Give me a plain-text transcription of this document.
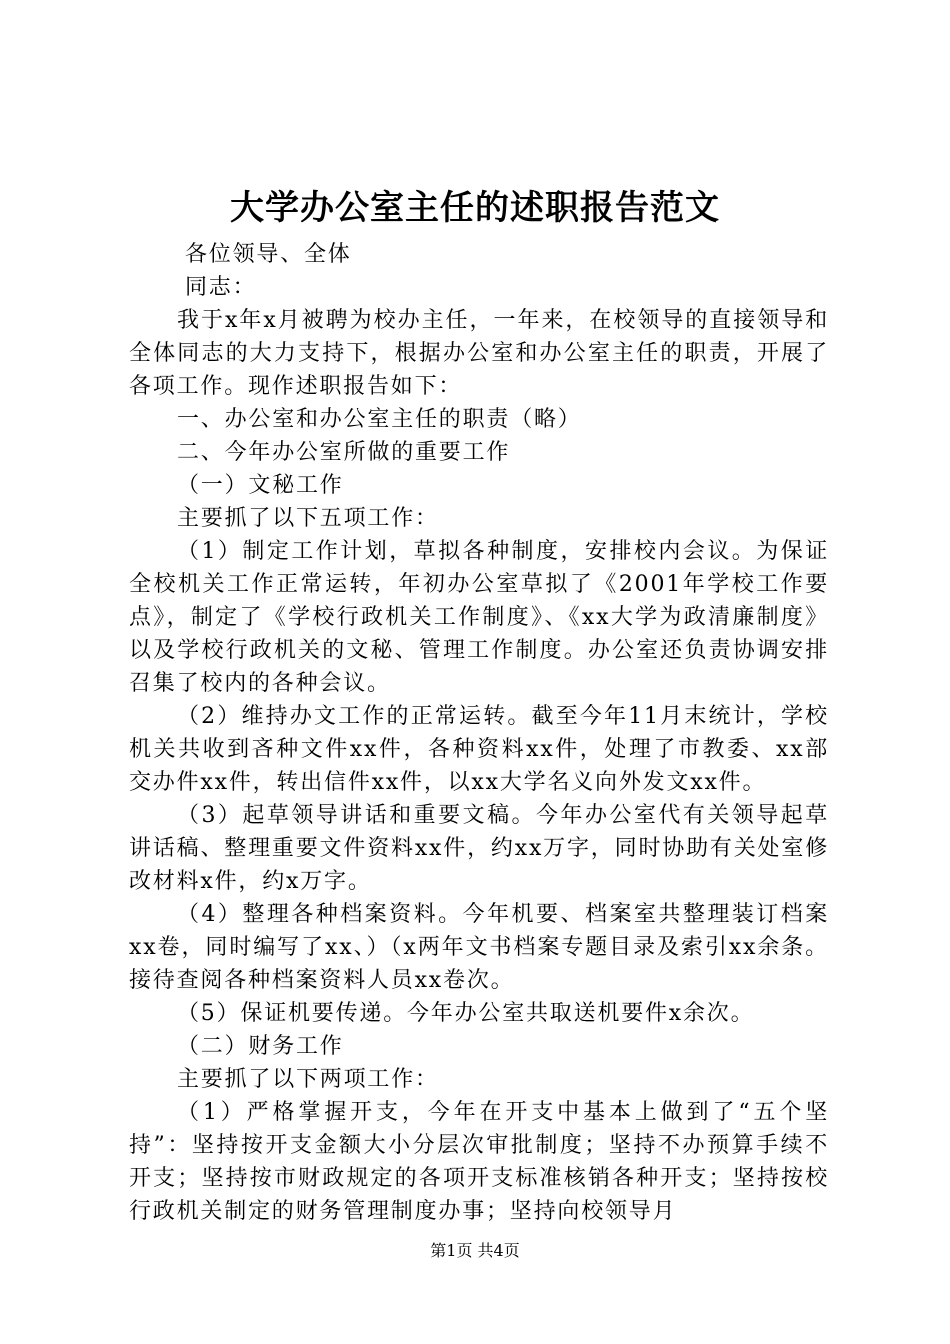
大学办公室主任的述职报告范文

各位领导、全体

同志：

我于x年x月被聘为校办主任，一年来，在校领导的直接领导和全体同志的大力支持下，根据办公室和办公室主任的职责，开展了各项工作。现作述职报告如下：

一、办公室和办公室主任的职责（略）

二、今年办公室所做的重要工作

（一）文秘工作

主要抓了以下五项工作：

（1）制定工作计划，草拟各种制度，安排校内会议。为保证全校机关工作正常运转，年初办公室草拟了《2001年学校工作要点》，制定了《学校行政机关工作制度》、《xx大学为政清廉制度》以及学校行政机关的文秘、管理工作制度。办公室还负责协调安排召集了校内的各种会议。

（2）维持办文工作的正常运转。截至今年11月末统计，学校机关共收到吝种文件xx件，各种资料xx件，处理了市教委、xx部交办件xx件，转出信件xx件，以xx大学名义向外发文xx件。

（3）起草领导讲话和重要文稿。今年办公室代有关领导起草讲话稿、整理重要文件资料xx件，约xx万字，同时协助有关处室修改材料x件，约x万字。

（4）整理各种档案资料。今年机要、档案室共整理装订档案xx卷，同时编写了xx、）（x两年文书档案专题目录及索引xx余条。接待查阅各种档案资料人员xx卷次。

（5）保证机要传递。今年办公室共取送机要件x余次。

（二）财务工作

主要抓了以下两项工作：

（1）严格掌握开支，今年在开支中基本上做到了“五个坚持”：坚持按开支金额大小分层次审批制度；坚持不办预算手续不开支；坚持按市财政规定的各项开支标准核销各种开支；坚持按校行政机关制定的财务管理制度办事；坚持向校领导月

第1页 共4页
